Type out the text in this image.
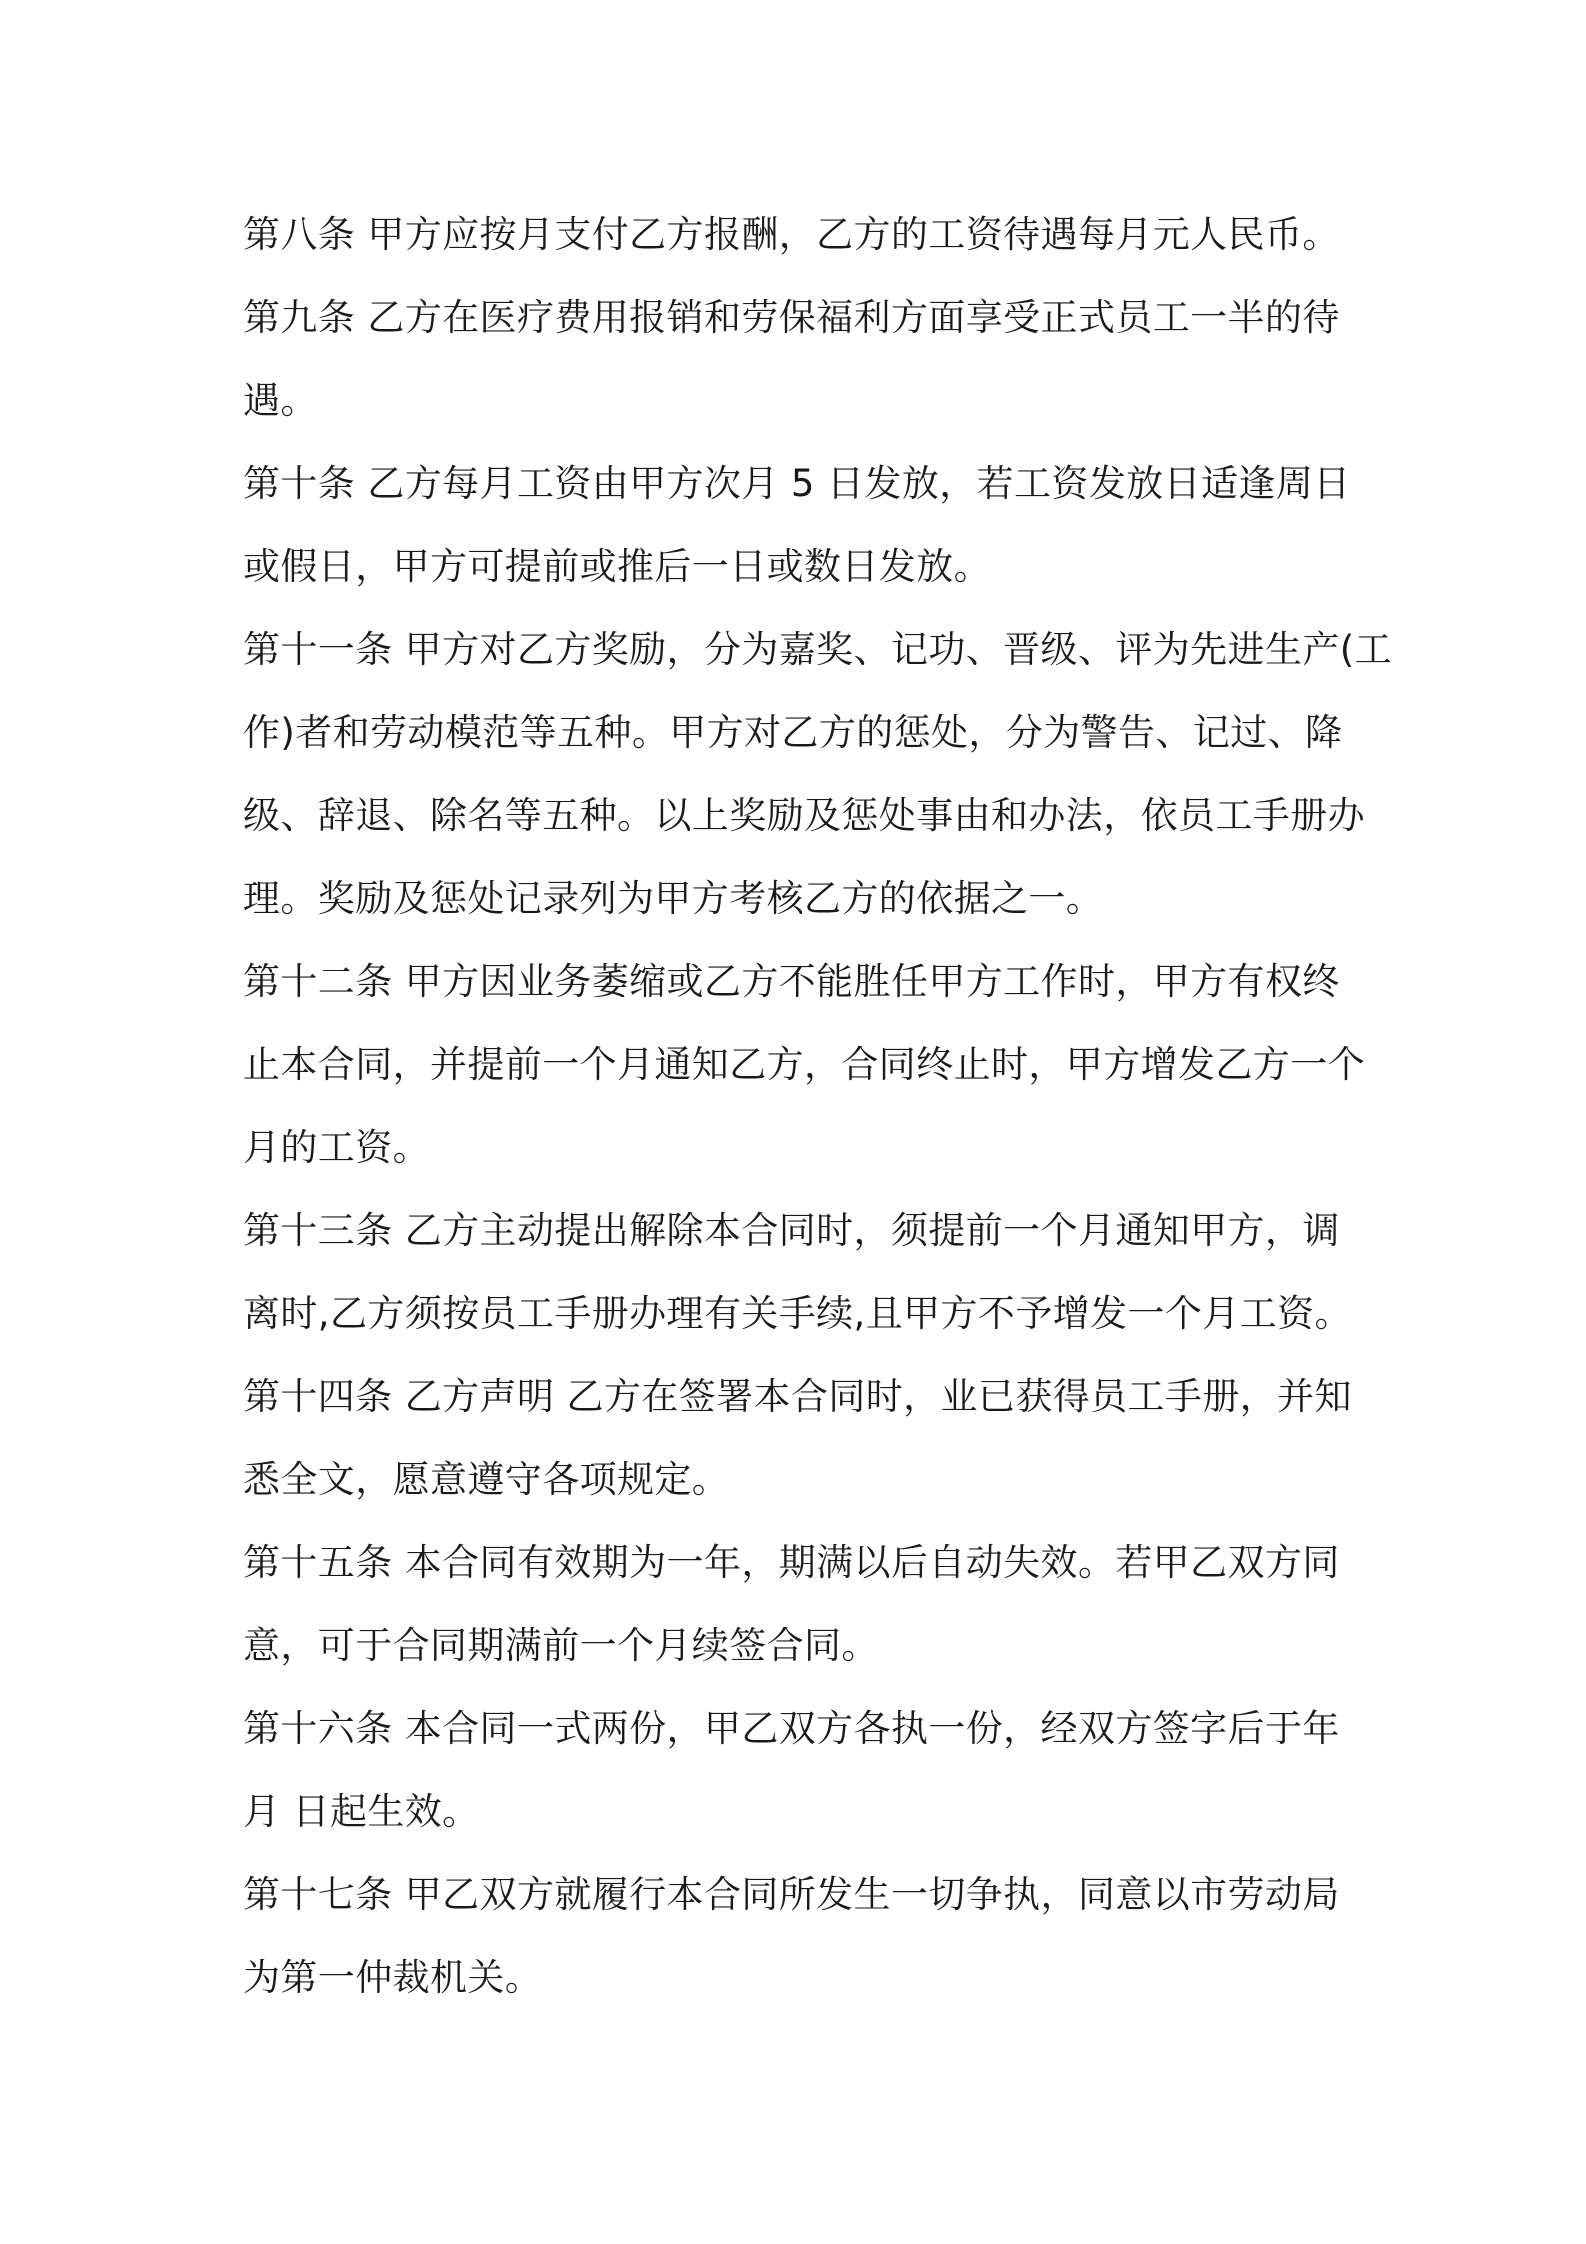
第八条 甲方应按月支付乙方报酬，乙方的工资待遇每月元人民币。

第九条 乙方在医疗费用报销和劳保福利方面享受正式员工一半的待
遇。

第十条 乙方每月工资由甲方次月 5 日发放，若工资发放日适逢周日
或假日，甲方可提前或推后一日或数日发放。

第十一条 甲方对乙方奖励，分为嘉奖、记功、晋级、评为先进生产(工
作)者和劳动模范等五种。甲方对乙方的惩处，分为警告、记过、降
级、辞退、除名等五种。以上奖励及惩处事由和办法，依员工手册办
理。奖励及惩处记录列为甲方考核乙方的依据之一。

第十二条 甲方因业务萎缩或乙方不能胜任甲方工作时，甲方有权终
止本合同，并提前一个月通知乙方，合同终止时，甲方增发乙方一个
月的工资。

第十三条 乙方主动提出解除本合同时，须提前一个月通知甲方，调
离时,乙方须按员工手册办理有关手续,且甲方不予增发一个月工资。

第十四条 乙方声明 乙方在签署本合同时，业已获得员工手册，并知
悉全文，愿意遵守各项规定。

第十五条 本合同有效期为一年，期满以后自动失效。若甲乙双方同
意，可于合同期满前一个月续签合同。

第十六条 本合同一式两份，甲乙双方各执一份，经双方签字后于年
月 日起生效。

第十七条 甲乙双方就履行本合同所发生一切争执，同意以市劳动局
为第一仲裁机关。
